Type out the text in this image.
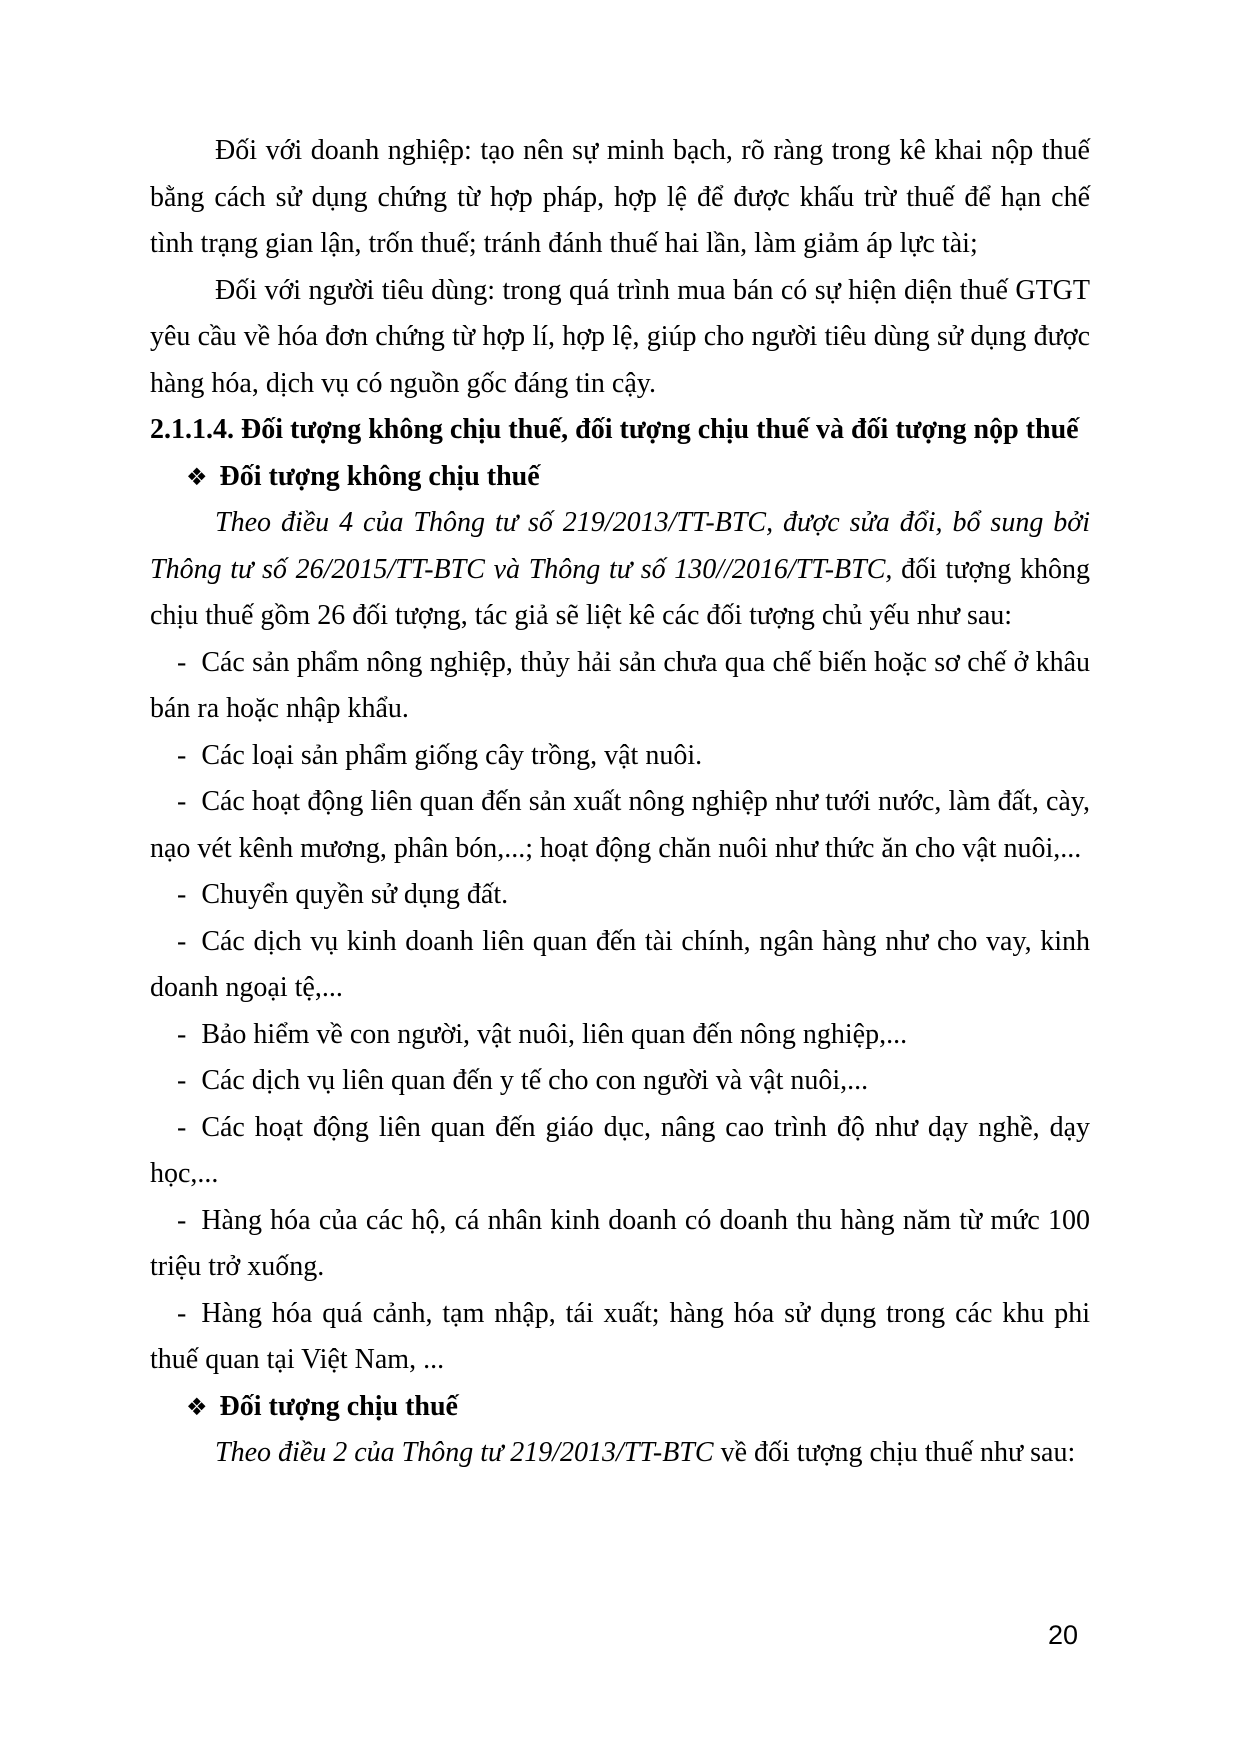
Đối với doanh nghiệp: tạo nên sự minh bạch, rõ ràng trong kê khai nộp thuế bằng cách sử dụng chứng từ hợp pháp, hợp lệ để được khấu trừ thuế để hạn chế tình trạng gian lận, trốn thuế; tránh đánh thuế hai lần, làm giảm áp lực tài;

Đối với người tiêu dùng: trong quá trình mua bán có sự hiện diện thuế GTGT yêu cầu về hóa đơn chứng từ hợp lí, hợp lệ, giúp cho người tiêu dùng sử dụng được hàng hóa, dịch vụ có nguồn gốc đáng tin cậy.

2.1.1.4. Đối tượng không chịu thuế, đối tượng chịu thuế và đối tượng nộp thuế

❖ Đối tượng không chịu thuế

Theo điều 4 của Thông tư số 219/2013/TT-BTC, được sửa đổi, bổ sung bởi Thông tư số 26/2015/TT-BTC và Thông tư số 130//2016/TT-BTC, đối tượng không chịu thuế gồm 26 đối tượng, tác giả sẽ liệt kê các đối tượng chủ yếu như sau:

- Các sản phẩm nông nghiệp, thủy hải sản chưa qua chế biến hoặc sơ chế ở khâu bán ra hoặc nhập khẩu.

- Các loại sản phẩm giống cây trồng, vật nuôi.

- Các hoạt động liên quan đến sản xuất nông nghiệp như tưới nước, làm đất, cày, nạo vét kênh mương, phân bón,...; hoạt động chăn nuôi như thức ăn cho vật nuôi,...

- Chuyển quyền sử dụng đất.

- Các dịch vụ kinh doanh liên quan đến tài chính, ngân hàng như cho vay, kinh doanh ngoại tệ,...

- Bảo hiểm về con người, vật nuôi, liên quan đến nông nghiệp,...

- Các dịch vụ liên quan đến y tế cho con người và vật nuôi,...

- Các hoạt động liên quan đến giáo dục, nâng cao trình độ như dạy nghề, dạy học,...

- Hàng hóa của các hộ, cá nhân kinh doanh có doanh thu hàng năm từ mức 100 triệu trở xuống.

- Hàng hóa quá cảnh, tạm nhập, tái xuất; hàng hóa sử dụng trong các khu phi thuế quan tại Việt Nam, ...

❖ Đối tượng chịu thuế

Theo điều 2 của Thông tư 219/2013/TT-BTC về đối tượng chịu thuế như sau:

20
